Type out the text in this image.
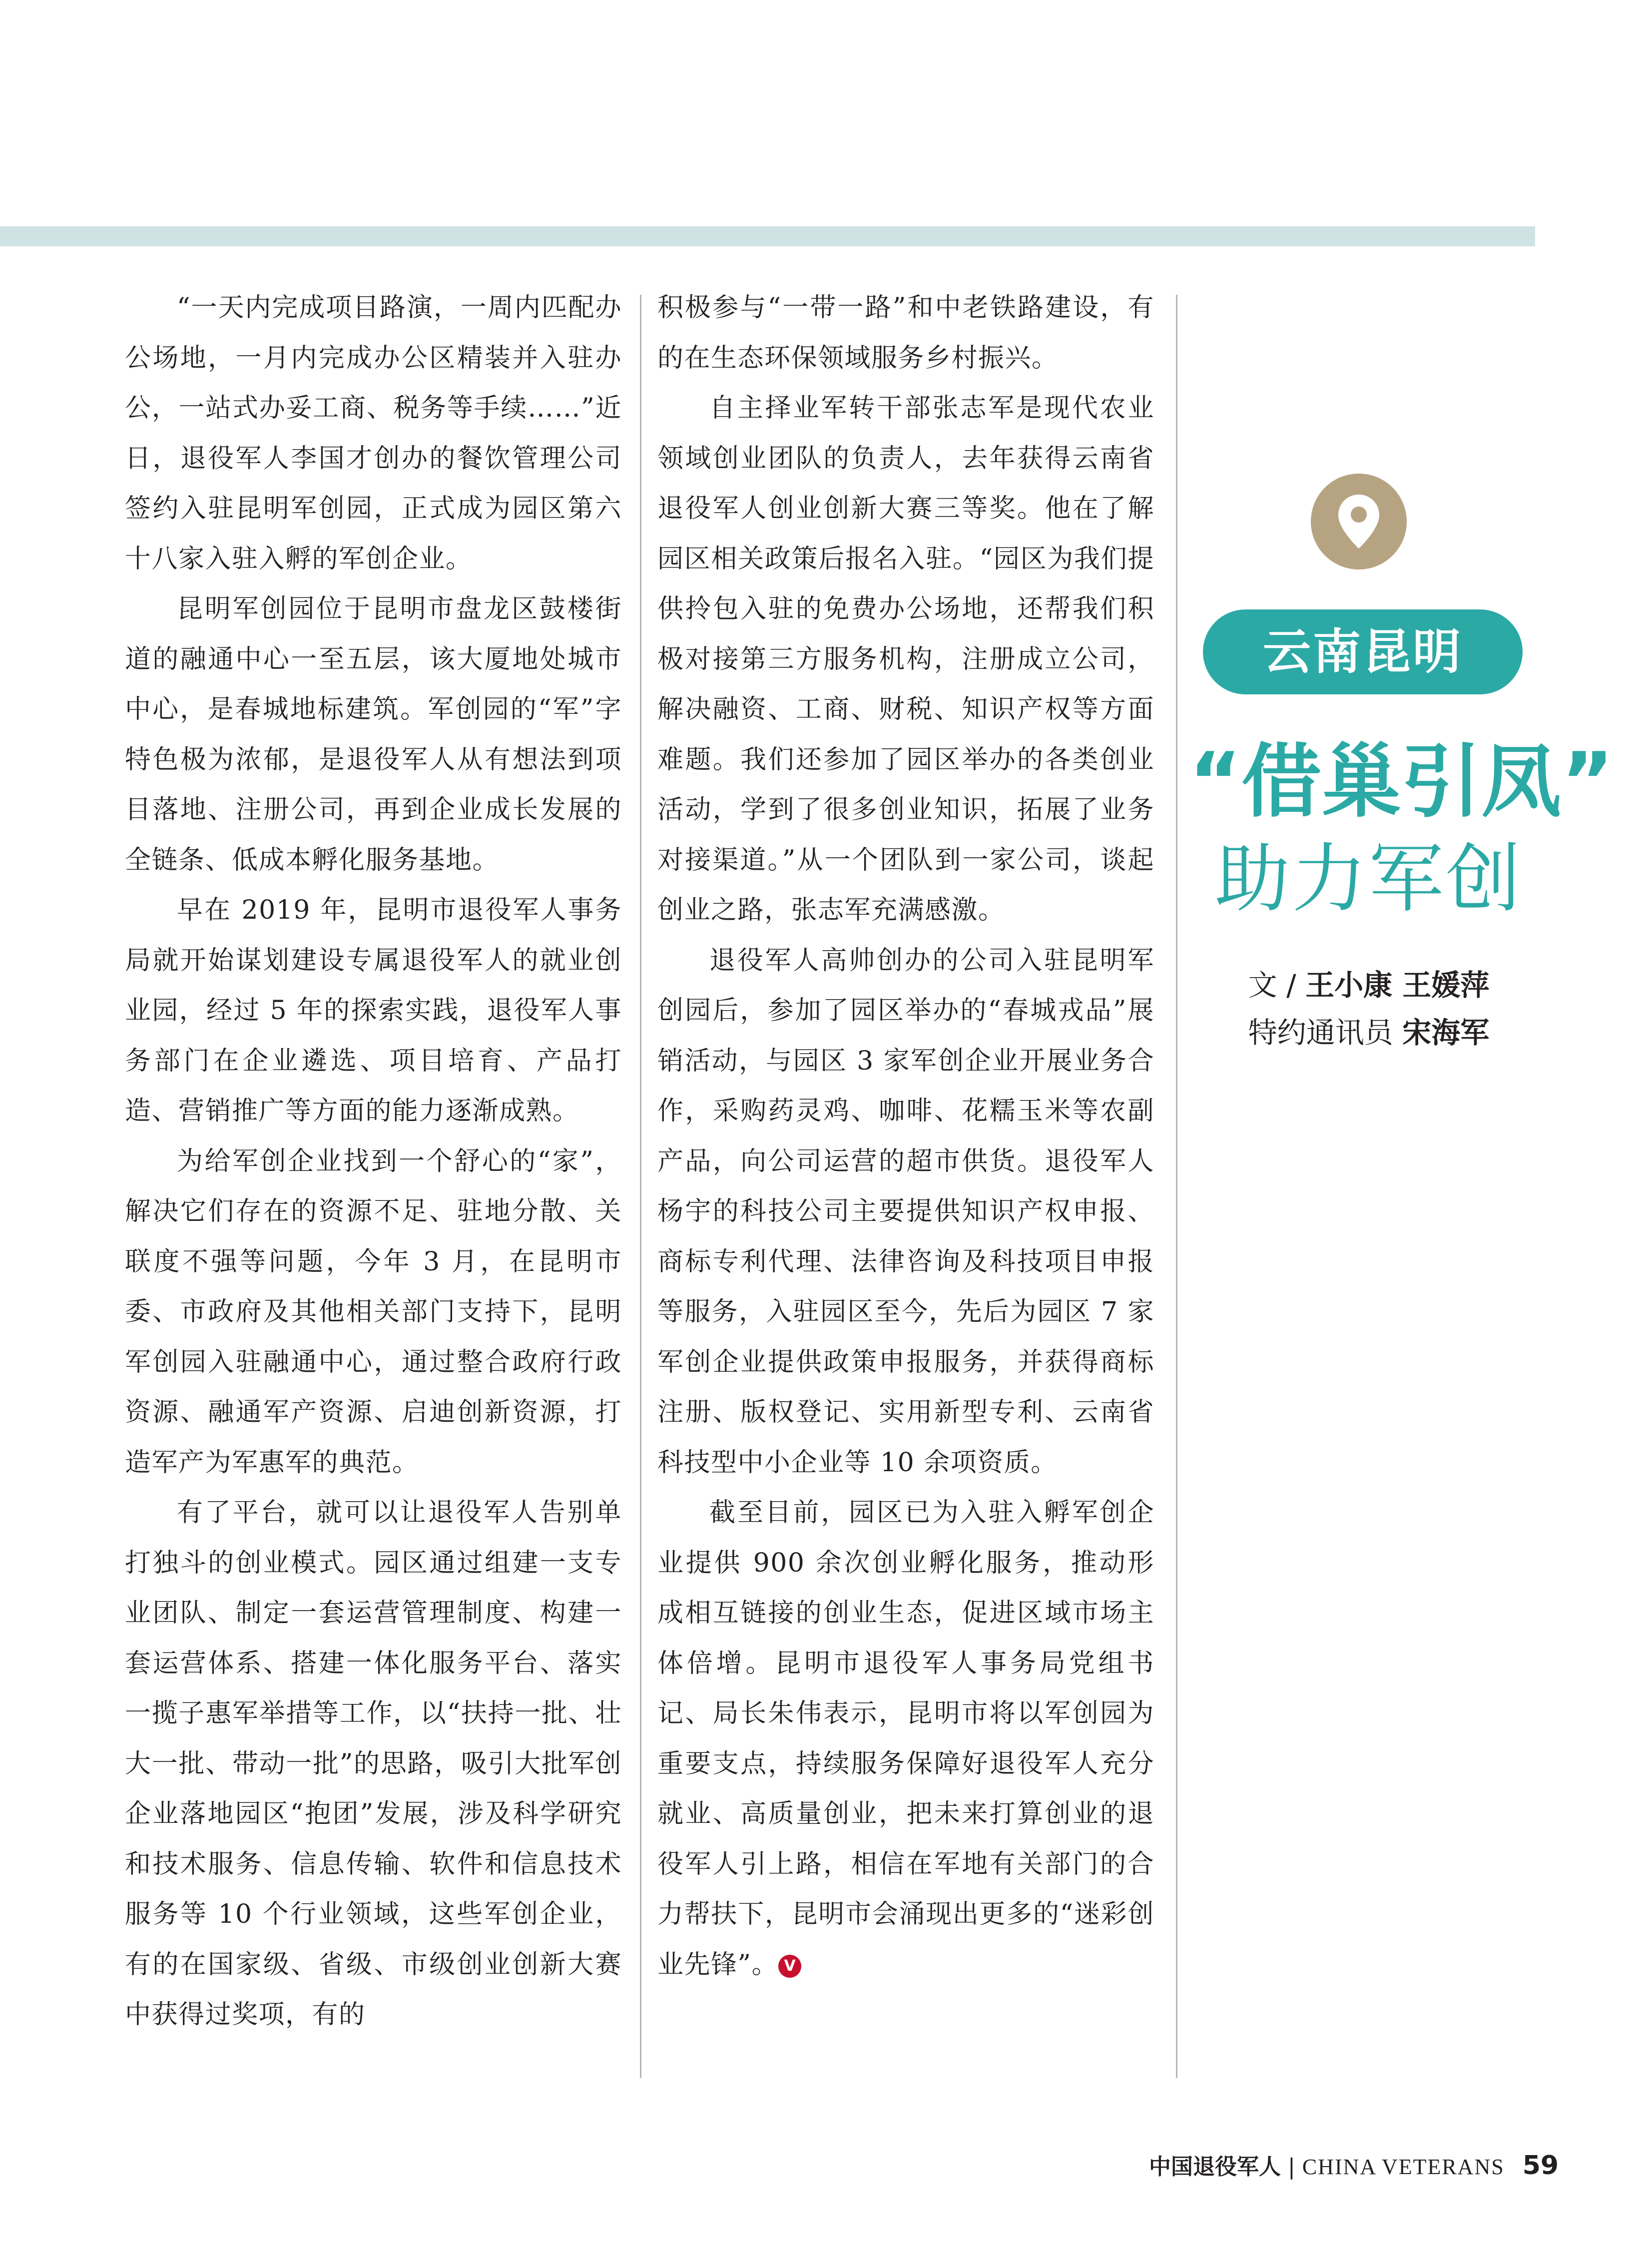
“一天内完成项目路演，一周内匹配办公场地，一月内完成办公区精装并入驻办公，一站式办妥工商、税务等手续……”近日，退役军人李国才创办的餐饮管理公司签约入驻昆明军创园，正式成为园区第六十八家入驻入孵的军创企业。

昆明军创园位于昆明市盘龙区鼓楼街道的融通中心一至五层，该大厦地处城市中心，是春城地标建筑。军创园的“军”字特色极为浓郁，是退役军人从有想法到项目落地、注册公司，再到企业成长发展的全链条、低成本孵化服务基地。

早在 2019 年，昆明市退役军人事务局就开始谋划建设专属退役军人的就业创业园，经过 5 年的探索实践，退役军人事务部门在企业遴选、项目培育、产品打造、营销推广等方面的能力逐渐成熟。

为给军创企业找到一个舒心的“家”，解决它们存在的资源不足、驻地分散、关联度不强等问题，今年 3 月，在昆明市委、市政府及其他相关部门支持下，昆明军创园入驻融通中心，通过整合政府行政资源、融通军产资源、启迪创新资源，打造军产为军惠军的典范。

有了平台，就可以让退役军人告别单打独斗的创业模式。园区通过组建一支专业团队、制定一套运营管理制度、构建一套运营体系、搭建一体化服务平台、落实一揽子惠军举措等工作，以“扶持一批、壮大一批、带动一批”的思路，吸引大批军创企业落地园区“抱团”发展，涉及科学研究和技术服务、信息传输、软件和信息技术服务等 10 个行业领域，这些军创企业，有的在国家级、省级、市级创业创新大赛中获得过奖项，有的

积极参与“一带一路”和中老铁路建设，有的在生态环保领域服务乡村振兴。

自主择业军转干部张志军是现代农业领域创业团队的负责人，去年获得云南省退役军人创业创新大赛三等奖。他在了解园区相关政策后报名入驻。“园区为我们提供拎包入驻的免费办公场地，还帮我们积极对接第三方服务机构，注册成立公司，解决融资、工商、财税、知识产权等方面难题。我们还参加了园区举办的各类创业活动，学到了很多创业知识，拓展了业务对接渠道。”从一个团队到一家公司，谈起创业之路，张志军充满感激。

退役军人高帅创办的公司入驻昆明军创园后，参加了园区举办的“春城戎品”展销活动，与园区 3 家军创企业开展业务合作，采购药灵鸡、咖啡、花糯玉米等农副产品，向公司运营的超市供货。退役军人杨宇的科技公司主要提供知识产权申报、商标专利代理、法律咨询及科技项目申报等服务，入驻园区至今，先后为园区 7 家军创企业提供政策申报服务，并获得商标注册、版权登记、实用新型专利、云南省科技型中小企业等 10 余项资质。

截至目前，园区已为入驻入孵军创企业提供 900 余次创业孵化服务，推动形成相互链接的创业生态，促进区域市场主体倍增。昆明市退役军人事务局党组书记、局长朱伟表示，昆明市将以军创园为重要支点，持续服务保障好退役军人充分就业、高质量创业，把未来打算创业的退役军人引上路，相信在军地有关部门的合力帮扶下，昆明市会涌现出更多的“迷彩创业先锋”。 V

云南昆明
“借巢引凤”
助力军创
文 / 王小康 王媛萍
特约通讯员 宋海军
中国退役军人 | CHINA VETERANS 59
